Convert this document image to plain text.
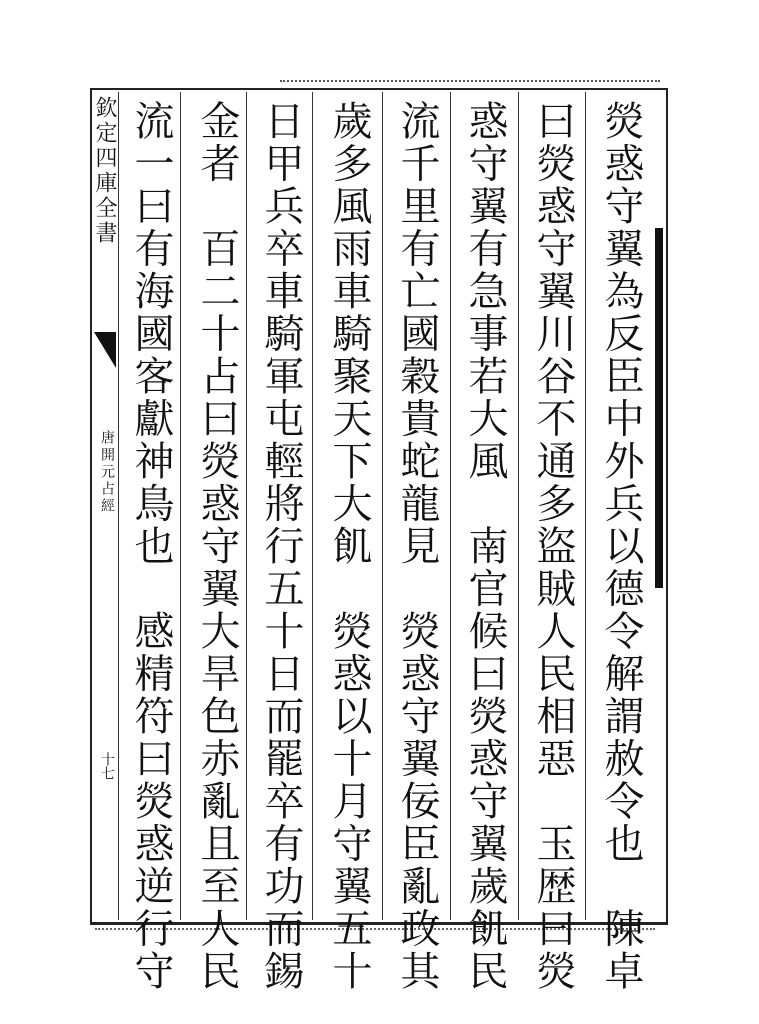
欽定四庫全書
唐開元占經
十七	熒惑守翼為反臣中外兵以德令解謂赦令也　陳卓
曰熒惑守翼川谷不通多盜賊人民相惡　玉歴曰熒
惑守翼有急事若大風　南官候曰熒惑守翼歲飢民
流千里有亡國穀貴蛇龍見　熒惑守翼佞臣亂政其
歲多風雨車騎聚天下大飢　熒惑以十月守翼五十
日甲兵卒車騎軍屯輕將行五十日而罷卒有功而錫
金者　百二十占曰熒惑守翼大旱色赤亂且至人民
流一曰有海國客獻神鳥也　感精符曰熒惑逆行守
